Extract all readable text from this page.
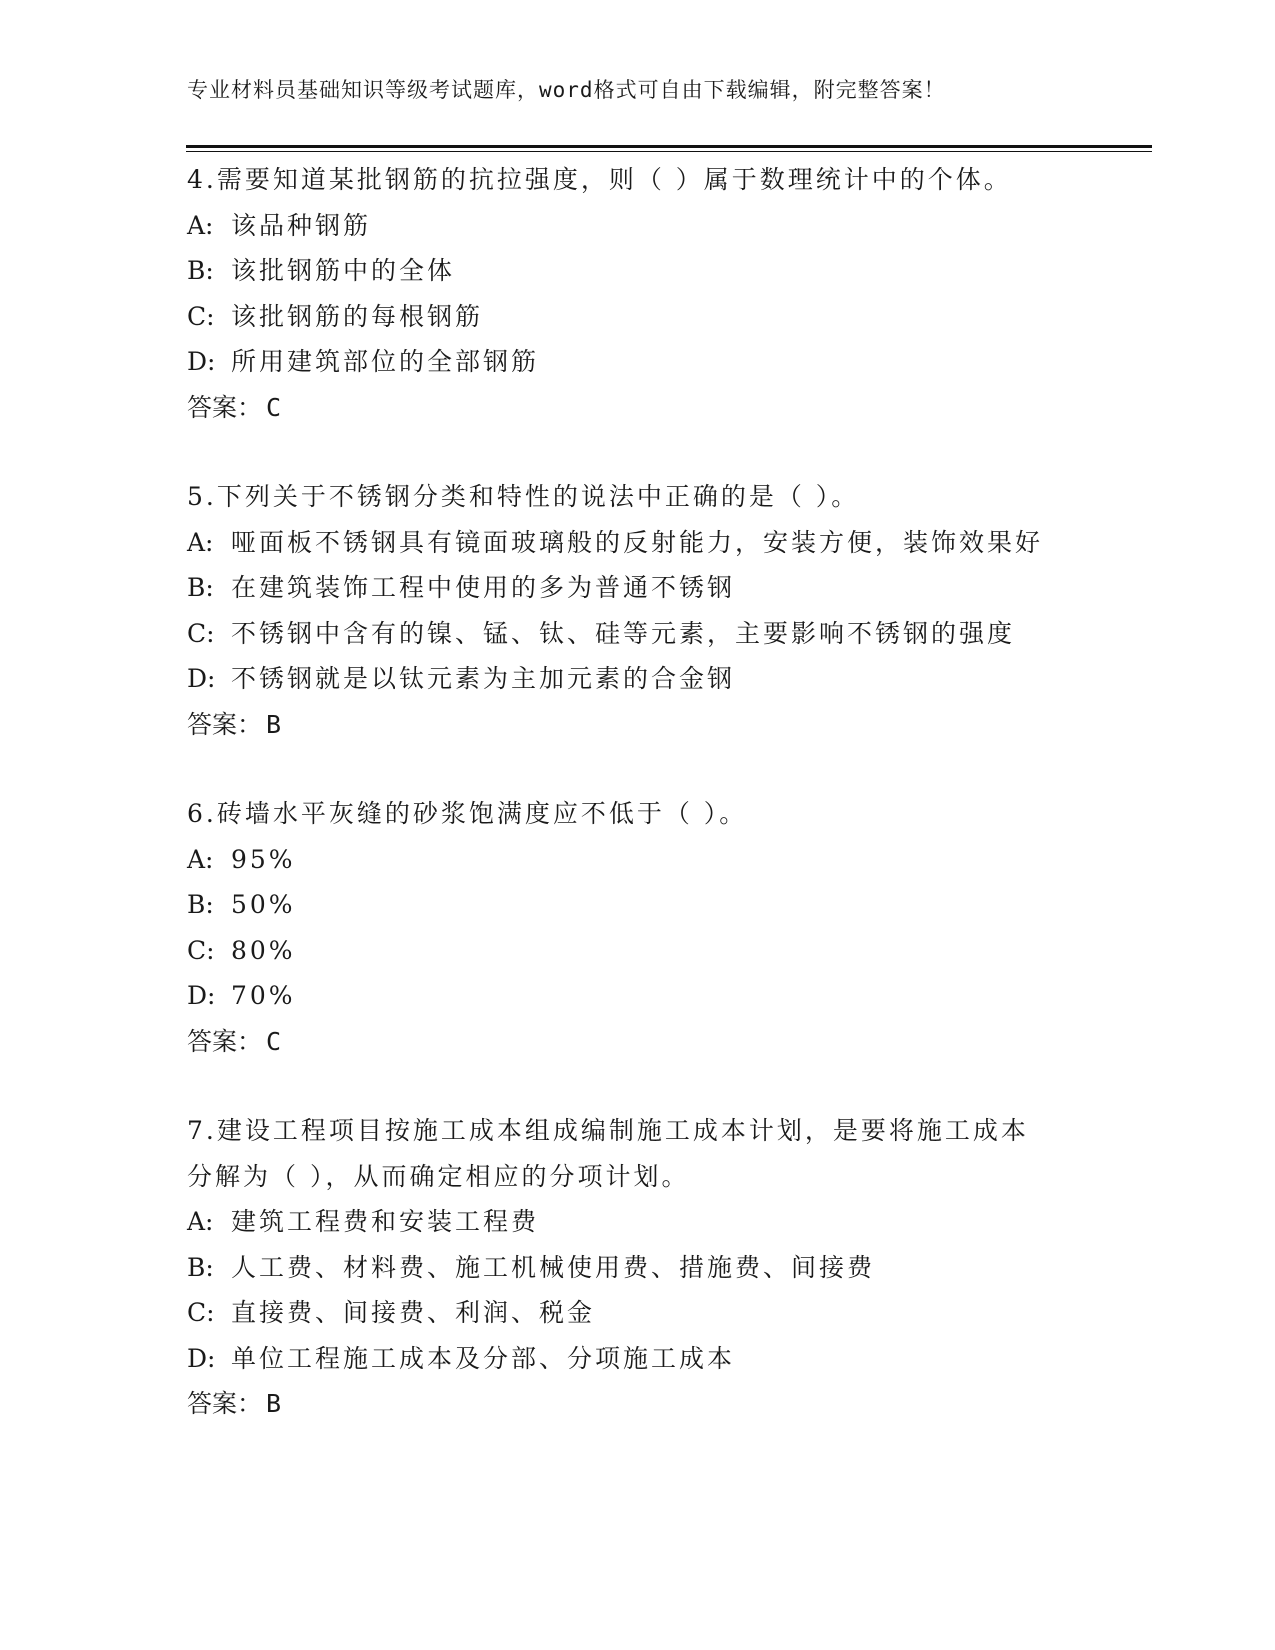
专业材料员基础知识等级考试题库，word格式可自由下载编辑，附完整答案！
4.需要知道某批钢筋的抗拉强度，则（ ）属于数理统计中的个体。
A: 该品种钢筋
B: 该批钢筋中的全体
C: 该批钢筋的每根钢筋
D: 所用建筑部位的全部钢筋
答案： C
5.下列关于不锈钢分类和特性的说法中正确的是（ ）。
A: 哑面板不锈钢具有镜面玻璃般的反射能力，安装方便，装饰效果好
B: 在建筑装饰工程中使用的多为普通不锈钢
C: 不锈钢中含有的镍、锰、钛、硅等元素，主要影响不锈钢的强度
D: 不锈钢就是以钛元素为主加元素的合金钢
答案： B
6.砖墙水平灰缝的砂浆饱满度应不低于（ ）。
A: 95%
B: 50%
C: 80%
D: 70%
答案： C
7.建设工程项目按施工成本组成编制施工成本计划，是要将施工成本
分解为（ ），从而确定相应的分项计划。
A: 建筑工程费和安装工程费
B: 人工费、材料费、施工机械使用费、措施费、间接费
C: 直接费、间接费、利润、税金
D: 单位工程施工成本及分部、分项施工成本
答案： B
